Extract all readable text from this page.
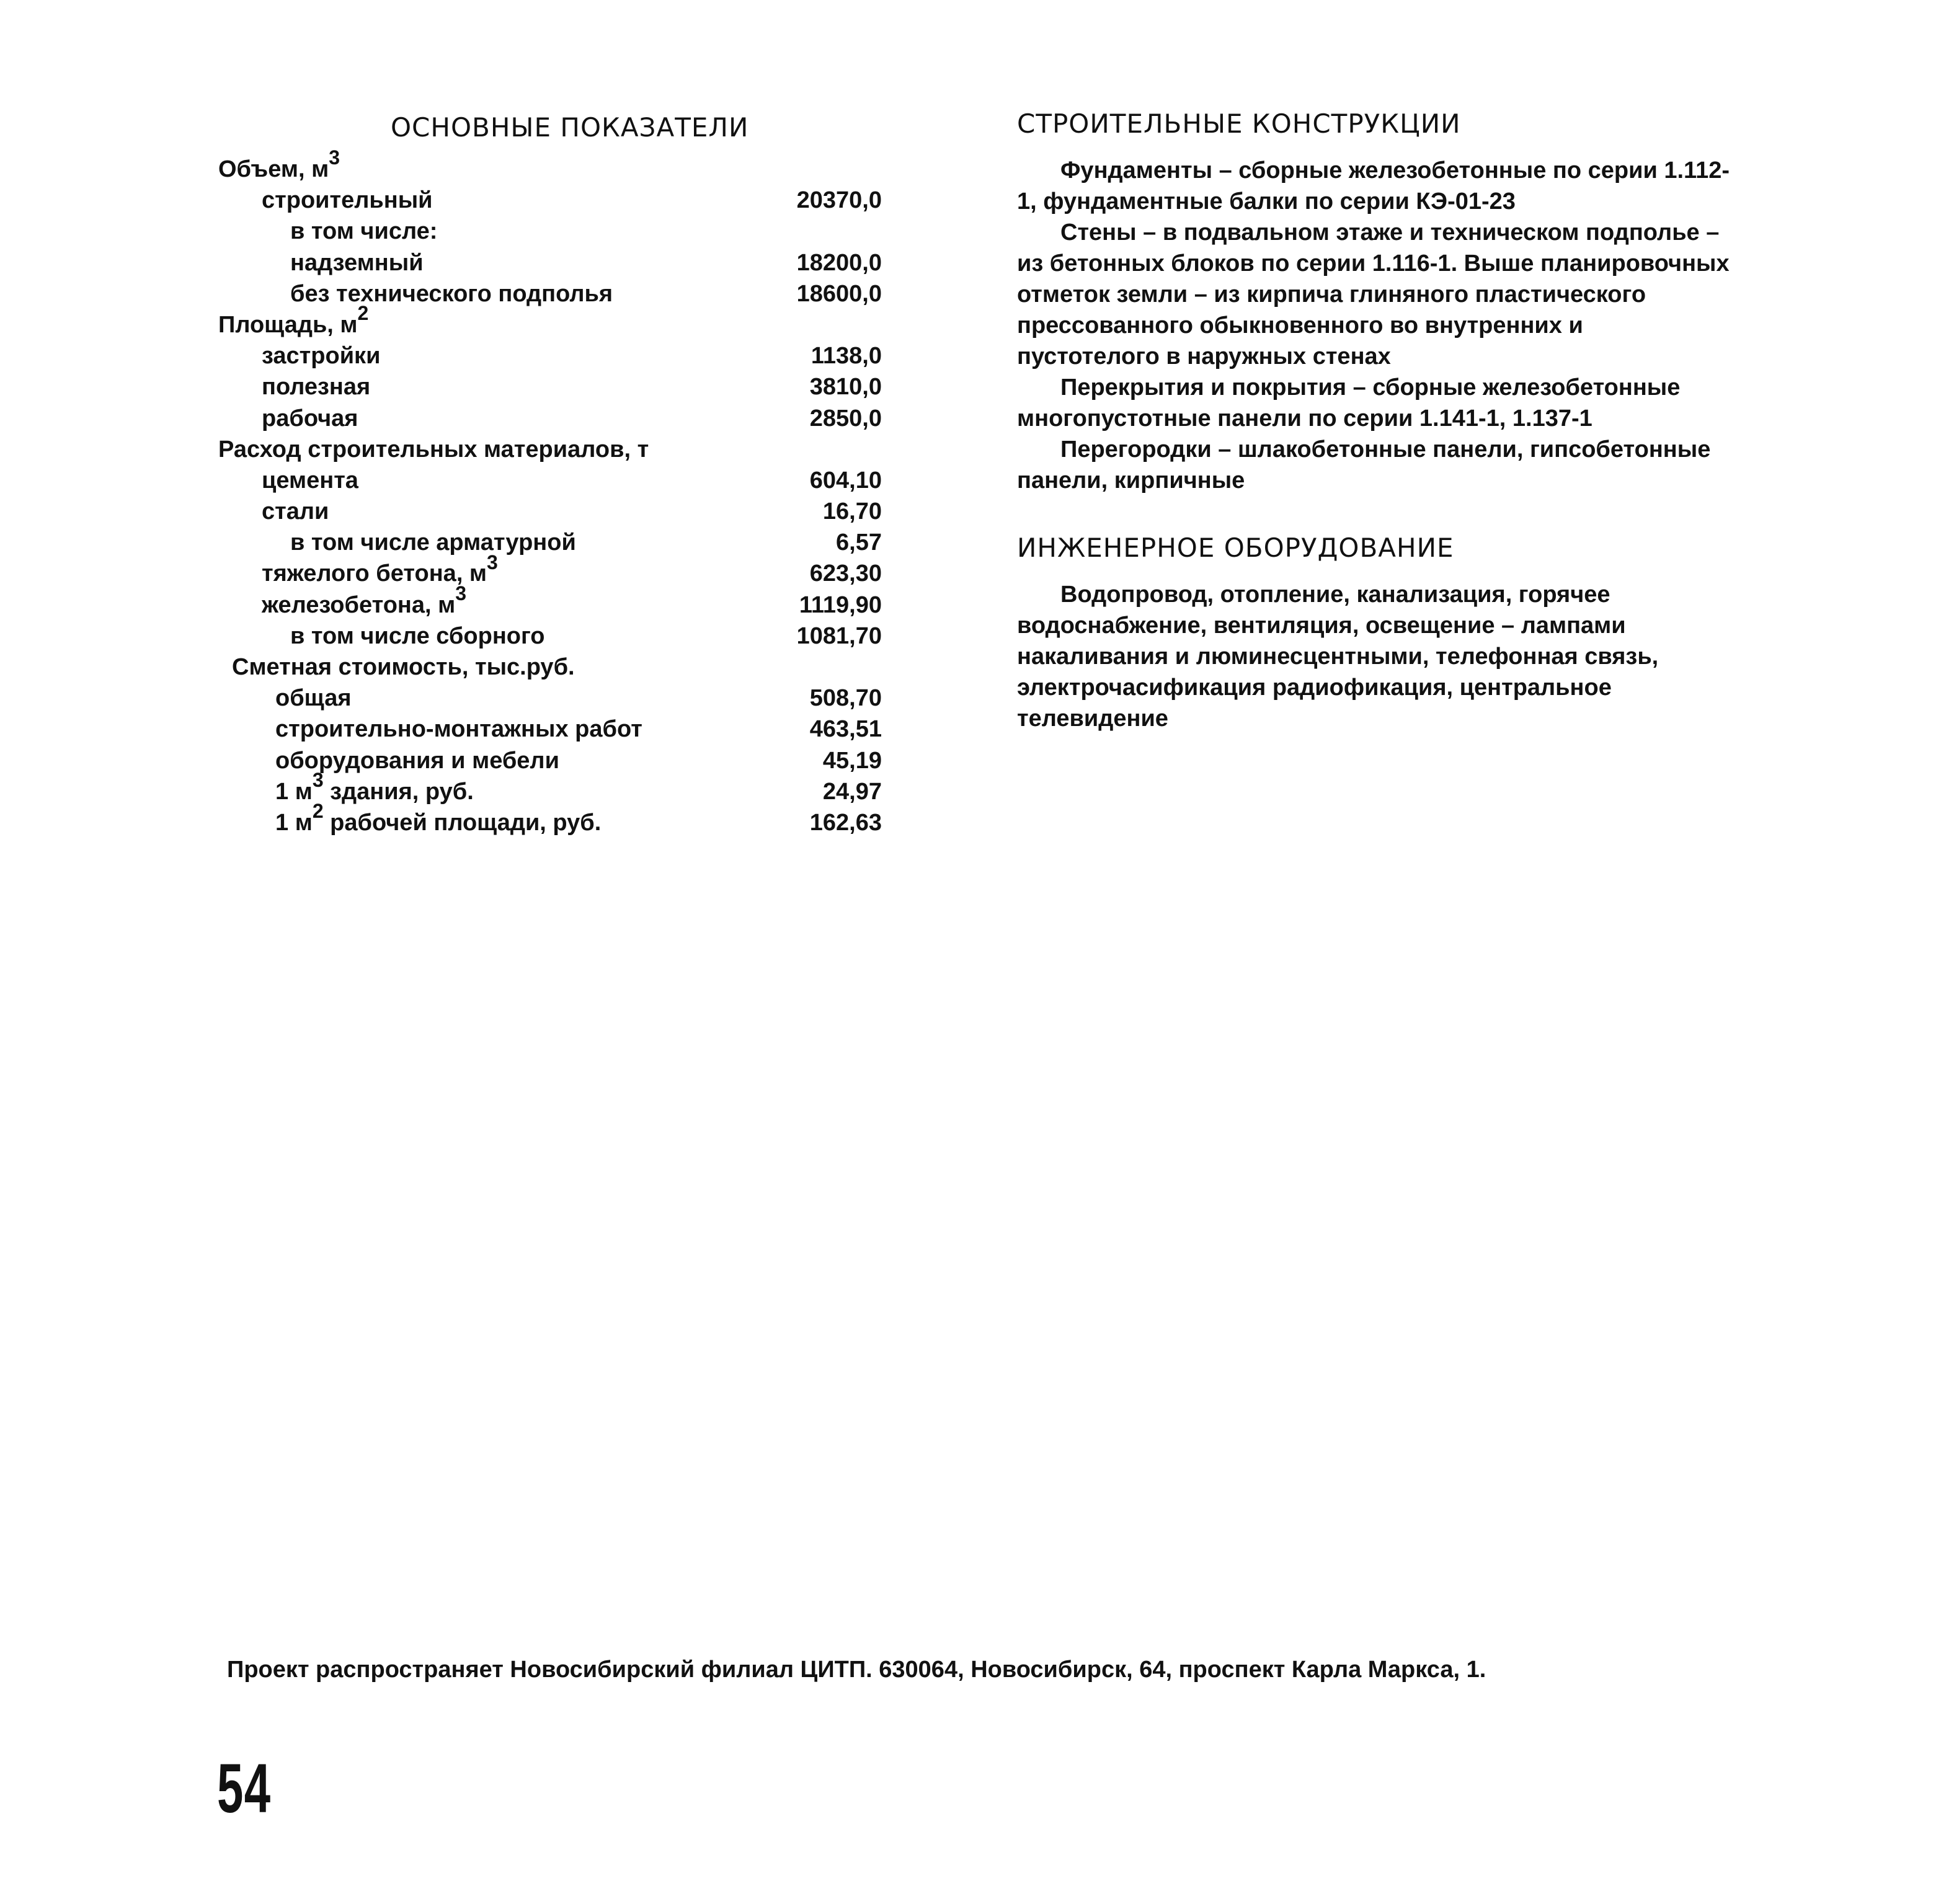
ОСНОВНЫЕ ПОКАЗАТЕЛИ
Объем, $м^3$
строительный	20370,0
в том числе:
надземный	18200,0
без технического подполья	18600,0
Площадь, $м^2$
застройки	1138,0
полезная	3810,0
рабочая	2850,0
Расход строительных материалов, т
цемента	604,10
стали	16,70
в том числе арматурной	6,57
тяжелого бетона, $м^3$	623,30
железобетона, $м^3$	1119,90
в том числе сборного	1081,70
Сметная стоимость, тыс.руб.
общая	508,70
строительно-монтажных работ	463,51
оборудования и мебели	45,19
1 $м^3$ здания, руб.	24,97
1 $м^2$ рабочей площади, руб.	162,63
СТРОИТЕЛЬНЫЕ КОНСТРУКЦИИ

Фундаменты – сборные железобетонные по серии 1.112-1, фундаментные балки по серии КЭ-01-23

Стены – в подвальном этаже и техническом подполье – из бетонных блоков по серии 1.116-1. Выше планировочных отметок земли – из кирпича глиняного пластического прессованного обыкновенного во внутренних и пустотелого в наружных стенах

Перекрытия и покрытия – сборные железобетонные многопустотные панели по серии 1.141-1, 1.137-1

Перегородки – шлакобетонные панели, гипсобетонные панели, кирпичные

ИНЖЕНЕРНОЕ ОБОРУДОВАНИЕ

Водопровод, отопление, канализация, горячее водоснабжение, вентиляция, освещение – лампами накаливания и люминесцентными, телефонная связь, электрочасификация радиофикация, центральное телевидение

Проект распространяет Новосибирский филиал ЦИТП. 630064, Новосибирск, 64, проспект Карла Маркса, 1.
54
